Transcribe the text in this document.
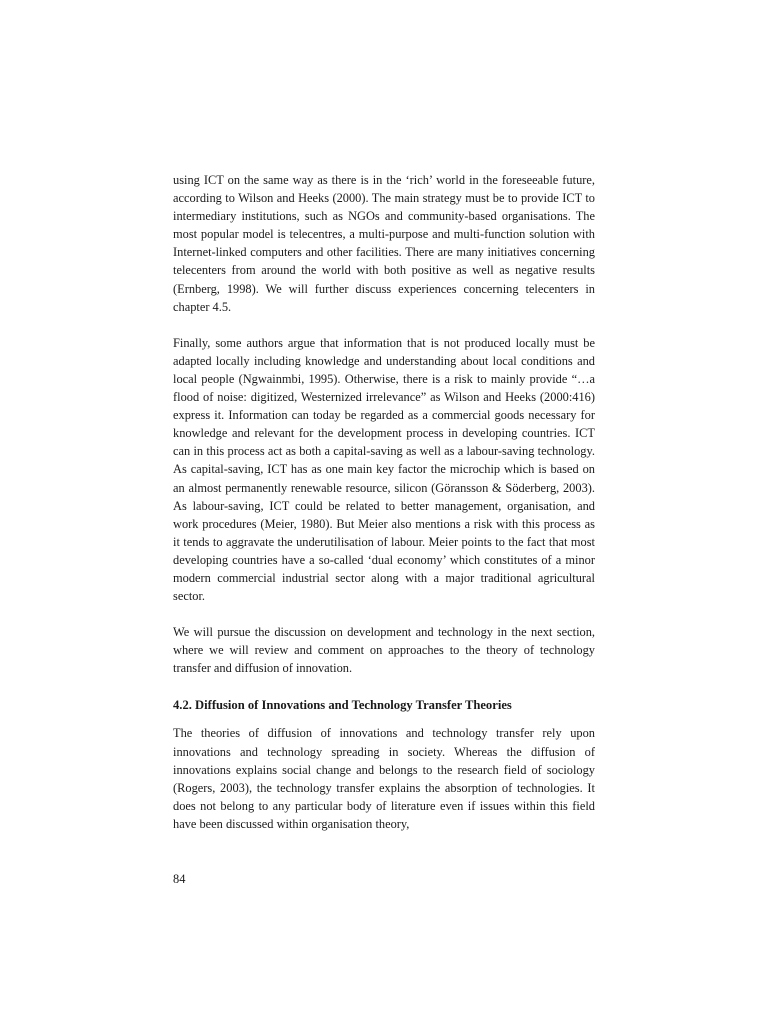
using ICT on the same way as there is in the ‘rich’ world in the foreseeable future, according to Wilson and Heeks (2000). The main strategy must be to provide ICT to intermediary institutions, such as NGOs and community-based organisations. The most popular model is telecentres, a multi-purpose and multi-function solution with Internet-linked computers and other facilities. There are many initiatives concerning telecenters from around the world with both positive as well as negative results (Ernberg, 1998). We will further discuss experiences concerning telecenters in chapter 4.5.

Finally, some authors argue that information that is not produced locally must be adapted locally including knowledge and understanding about local conditions and local people (Ngwainmbi, 1995). Otherwise, there is a risk to mainly provide “…a flood of noise: digitized, Westernized irrelevance” as Wilson and Heeks (2000:416) express it. Information can today be regarded as a commercial goods necessary for knowledge and relevant for the development process in developing countries. ICT can in this process act as both a capital-saving as well as a labour-saving technology. As capital-saving, ICT has as one main key factor the microchip which is based on an almost permanently renewable resource, silicon (Göransson & Söderberg, 2003). As labour-saving, ICT could be related to better management, organisation, and work procedures (Meier, 1980). But Meier also mentions a risk with this process as it tends to aggravate the underutilisation of labour. Meier points to the fact that most developing countries have a so-called ‘dual economy’ which constitutes of a minor modern commercial industrial sector along with a major traditional agricultural sector.

We will pursue the discussion on development and technology in the next section, where we will review and comment on approaches to the theory of technology transfer and diffusion of innovation.

4.2. Diffusion of Innovations and Technology Transfer Theories

The theories of diffusion of innovations and technology transfer rely upon innovations and technology spreading in society. Whereas the diffusion of innovations explains social change and belongs to the research field of sociology (Rogers, 2003), the technology transfer explains the absorption of technologies. It does not belong to any particular body of literature even if issues within this field have been discussed within organisation theory,

84
